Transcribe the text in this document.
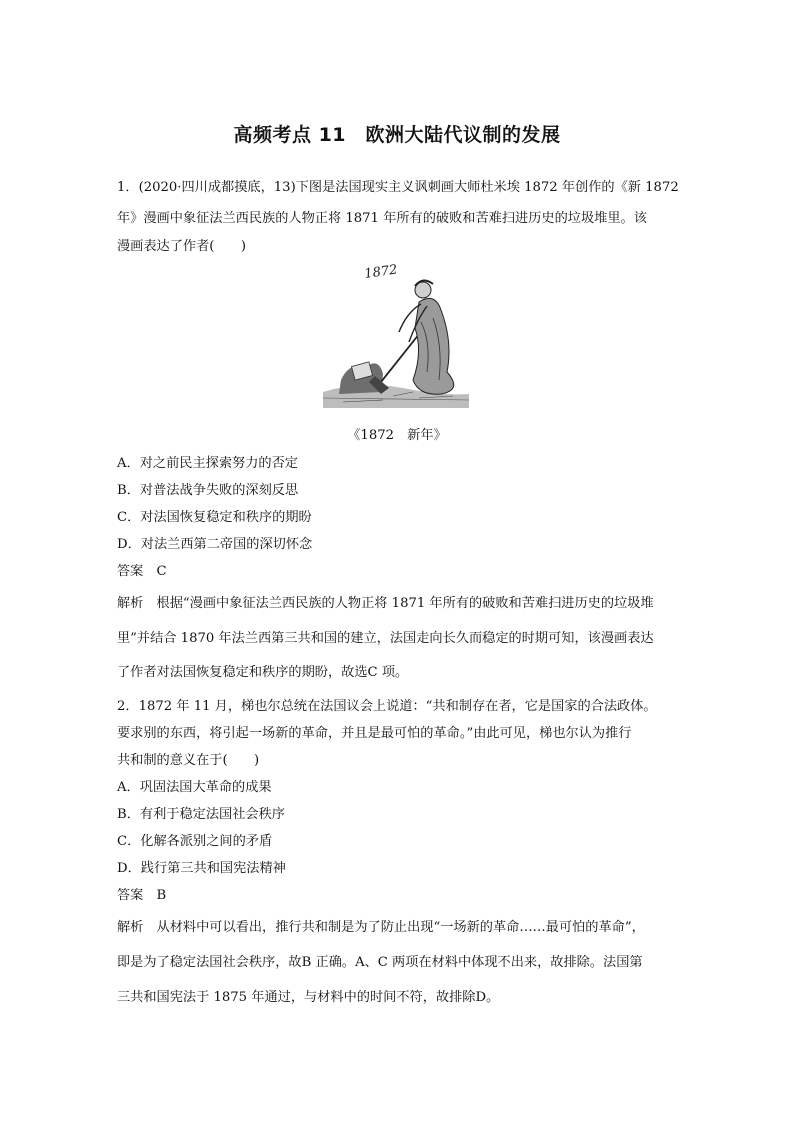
高频考点 11　欧洲大陆代议制的发展
1．(2020·四川成都摸底，13)下图是法国现实主义讽刺画大师杜米埃 1872 年创作的《新 1872
年》漫画中象征法兰西民族的人物正将 1871 年所有的破败和苦难扫进历史的垃圾堆里。该
漫画表达了作者(　　)
1872
《1872　新年》
A．对之前民主探索努力的否定
B．对普法战争失败的深刻反思
C．对法国恢复稳定和秩序的期盼
D．对法兰西第二帝国的深切怀念
答案　C
解析　根据“漫画中象征法兰西民族的人物正将 1871 年所有的破败和苦难扫进历史的垃圾堆
里”并结合 1870 年法兰西第三共和国的建立，法国走向长久而稳定的时期可知，该漫画表达
了作者对法国恢复稳定和秩序的期盼，故选C 项。
2．1872 年 11 月，梯也尔总统在法国议会上说道：“共和制存在者，它是国家的合法政体。
要求别的东西，将引起一场新的革命，并且是最可怕的革命。”由此可见，梯也尔认为推行
共和制的意义在于(　　)
A．巩固法国大革命的成果
B．有利于稳定法国社会秩序
C．化解各派别之间的矛盾
D．践行第三共和国宪法精神
答案　B
解析　从材料中可以看出，推行共和制是为了防止出现“一场新的革命……最可怕的革命”，
即是为了稳定法国社会秩序，故B 正确。A、C 两项在材料中体现不出来，故排除。法国第
三共和国宪法于 1875 年通过，与材料中的时间不符，故排除D。
